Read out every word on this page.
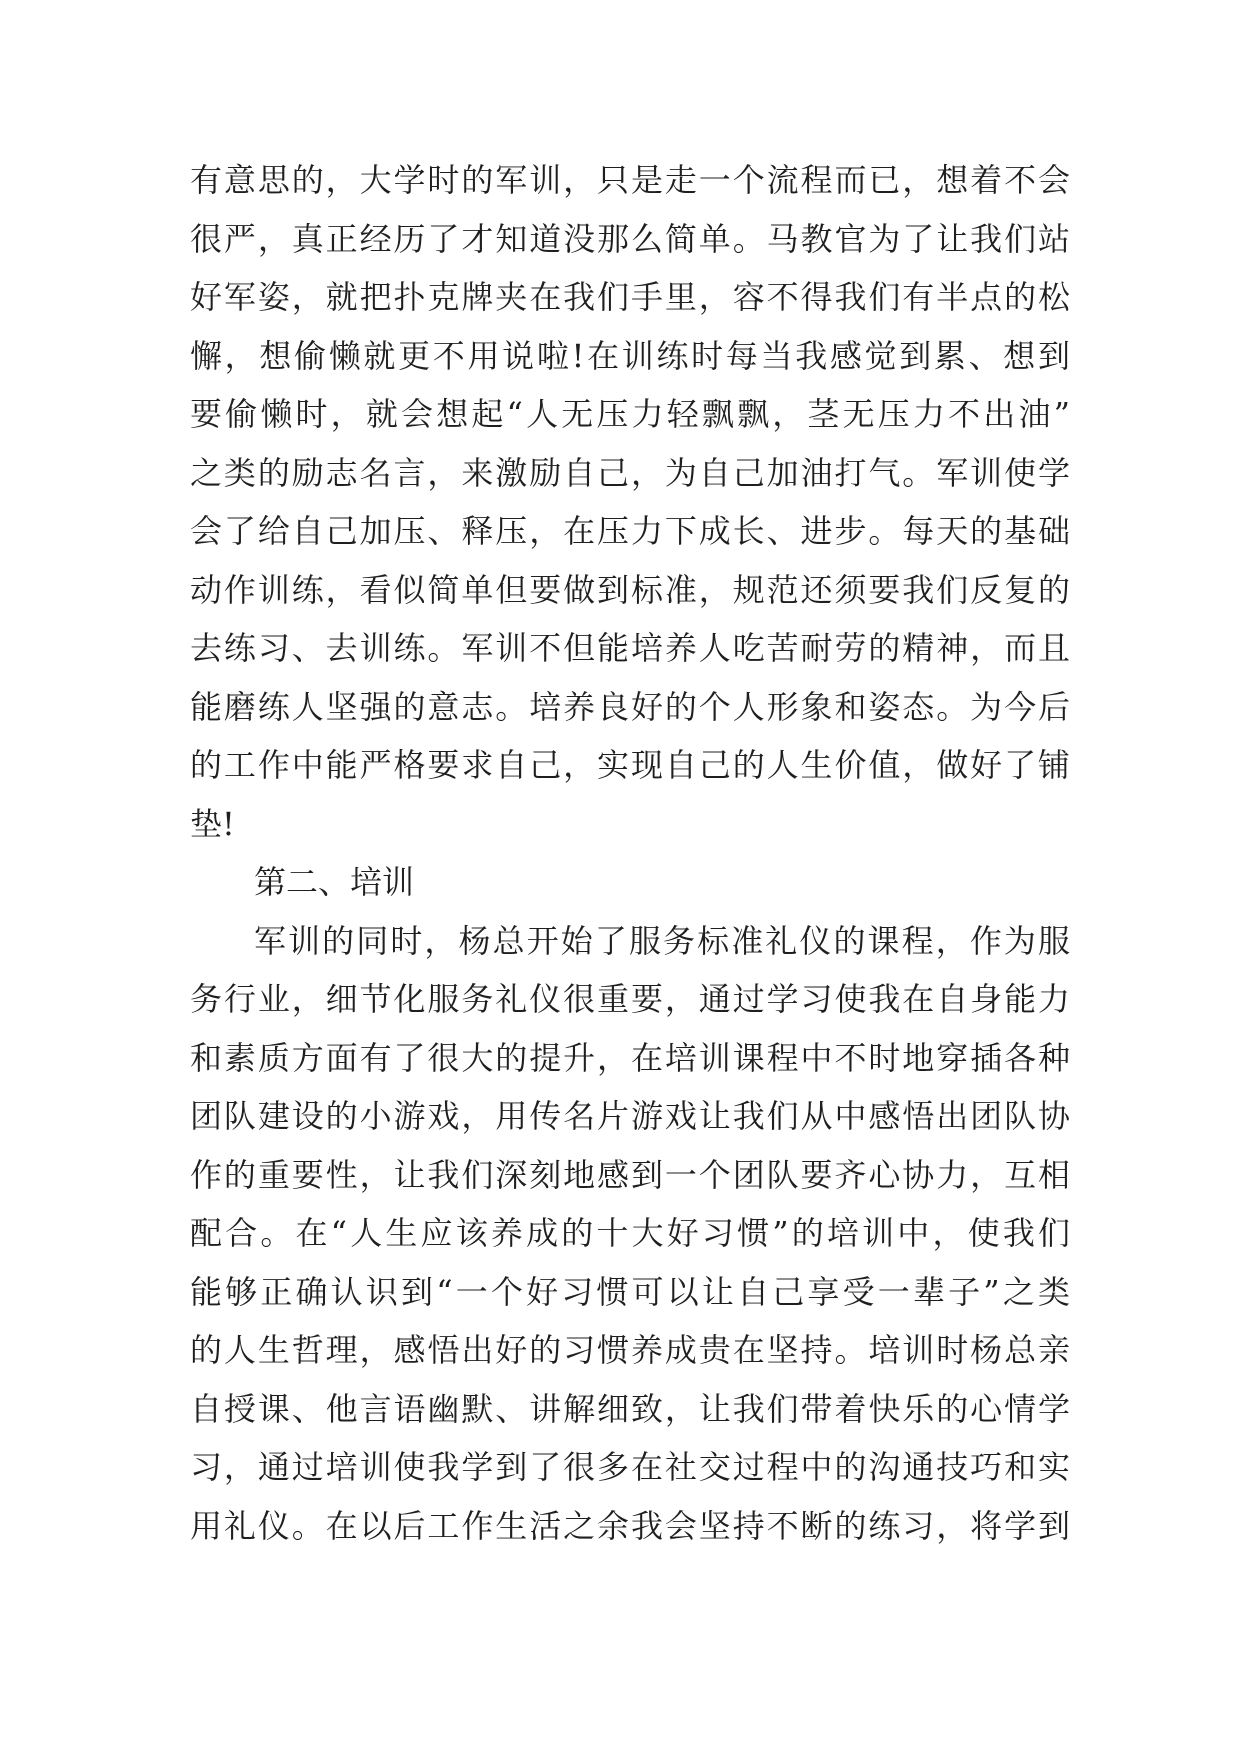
有意思的，大学时的军训，只是走一个流程而已，想着不会
很严，真正经历了才知道没那么简单。马教官为了让我们站
好军姿，就把扑克牌夹在我们手里，容不得我们有半点的松
懈，想偷懒就更不用说啦!在训练时每当我感觉到累、想到
要偷懒时，就会想起“人无压力轻飘飘，茎无压力不出油”
之类的励志名言，来激励自己，为自己加油打气。军训使学
会了给自己加压、释压，在压力下成长、进步。每天的基础
动作训练，看似简单但要做到标准，规范还须要我们反复的
去练习、去训练。军训不但能培养人吃苦耐劳的精神，而且
能磨练人坚强的意志。培养良好的个人形象和姿态。为今后
的工作中能严格要求自己，实现自己的人生价值，做好了铺
垫!
第二、培训
军训的同时，杨总开始了服务标准礼仪的课程，作为服
务行业，细节化服务礼仪很重要，通过学习使我在自身能力
和素质方面有了很大的提升，在培训课程中不时地穿插各种
团队建设的小游戏，用传名片游戏让我们从中感悟出团队协
作的重要性，让我们深刻地感到一个团队要齐心协力，互相
配合。在“人生应该养成的十大好习惯”的培训中，使我们
能够正确认识到“一个好习惯可以让自己享受一辈子”之类
的人生哲理，感悟出好的习惯养成贵在坚持。培训时杨总亲
自授课、他言语幽默、讲解细致，让我们带着快乐的心情学
习，通过培训使我学到了很多在社交过程中的沟通技巧和实
用礼仪。在以后工作生活之余我会坚持不断的练习，将学到
